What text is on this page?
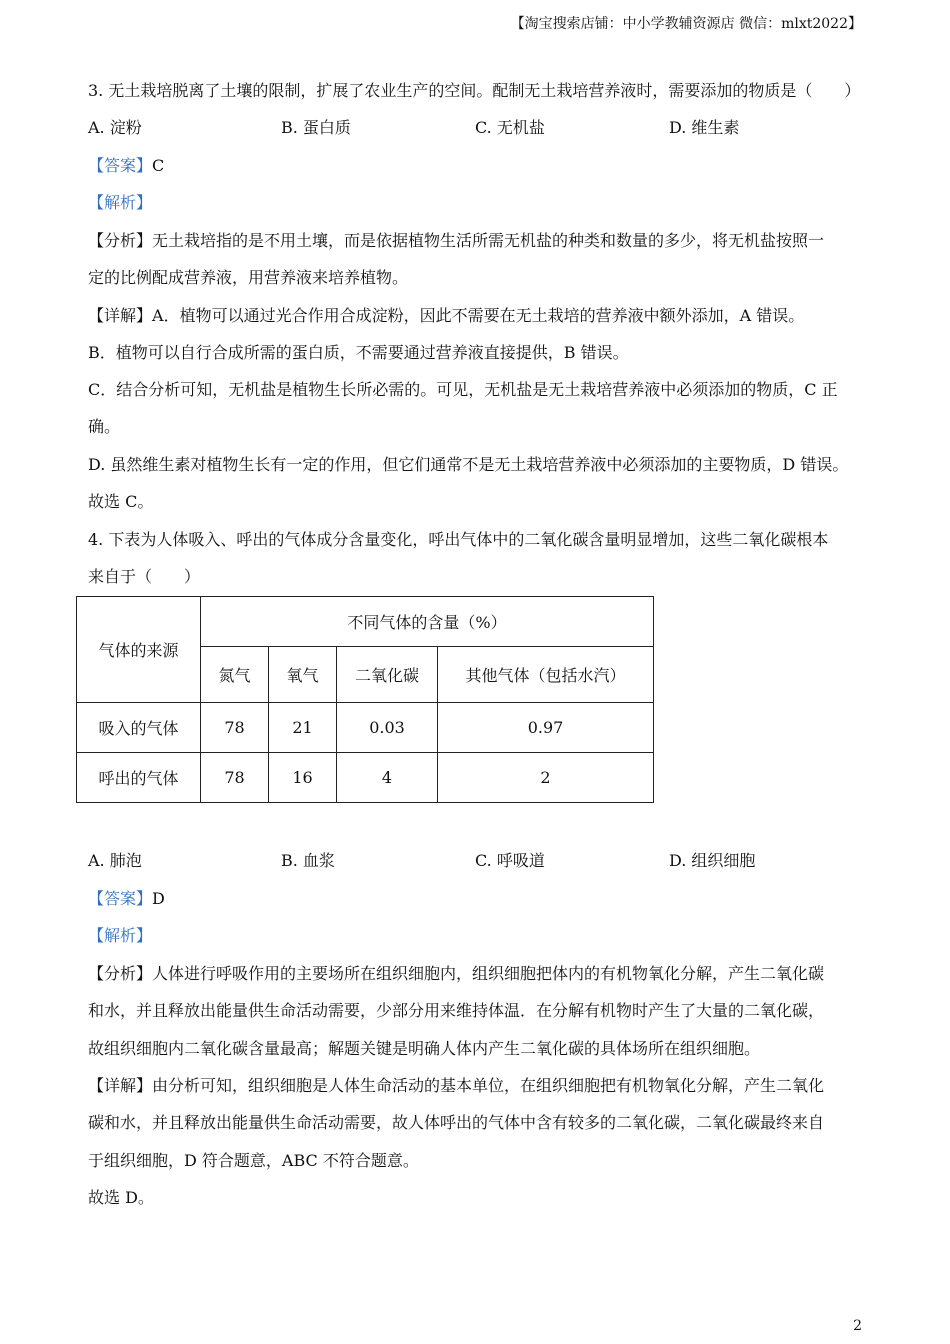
【淘宝搜索店铺：中小学教辅资源店 微信：mlxt2022】
3. 无土栽培脱离了土壤的限制，扩展了农业生产的空间。配制无土栽培营养液时，需要添加的物质是（　　）
A. 淀粉	B. 蛋白质	C. 无机盐	D. 维生素
【答案】C
【解析】
【分析】无土栽培指的是不用土壤，而是依据植物生活所需无机盐的种类和数量的多少，将无机盐按照一
定的比例配成营养液，用营养液来培养植物。
【详解】A．植物可以通过光合作用合成淀粉，因此不需要在无土栽培的营养液中额外添加，A 错误。
B．植物可以自行合成所需的蛋白质，不需要通过营养液直接提供，B 错误。
C．结合分析可知，无机盐是植物生长所必需的。可见，无机盐是无土栽培营养液中必须添加的物质，C 正
确。
D. 虽然维生素对植物生长有一定的作用，但它们通常不是无土栽培营养液中必须添加的主要物质，D 错误。
故选 C。
4. 下表为人体吸入、呼出的气体成分含量变化，呼出气体中的二氧化碳含量明显增加，这些二氧化碳根本
来自于（　　）
气体的来源	不同气体的含量（%）			
	氮气	氧气	二氧化碳	其他气体（包括水汽）
吸入的气体	78	21	0.03	0.97
呼出的气体	78	16	4	2
A. 肺泡	B. 血浆	C. 呼吸道	D. 组织细胞
【答案】D
【解析】
【分析】人体进行呼吸作用的主要场所在组织细胞内，组织细胞把体内的有机物氧化分解，产生二氧化碳
和水，并且释放出能量供生命活动需要，少部分用来维持体温．在分解有机物时产生了大量的二氧化碳，
故组织细胞内二氧化碳含量最高；解题关键是明确人体内产生二氧化碳的具体场所在组织细胞。
【详解】由分析可知，组织细胞是人体生命活动的基本单位，在组织细胞把有机物氧化分解，产生二氧化
碳和水，并且释放出能量供生命活动需要，故人体呼出的气体中含有较多的二氧化碳，二氧化碳最终来自
于组织细胞，D 符合题意，ABC 不符合题意。
故选 D。
2
